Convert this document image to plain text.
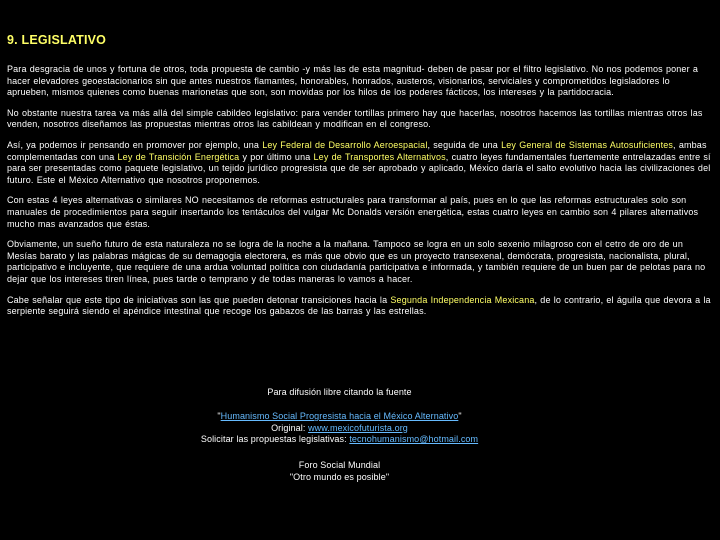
9. LEGISLATIVO

Para desgracia de unos y fortuna de otros, toda propuesta de cambio -y más las de esta magnitud- deben de pasar por el filtro legislativo. No nos podemos poner a hacer elevadores geoestacionarios sin que antes nuestros flamantes, honorables, honrados, austeros, visionarios, serviciales y comprometidos legisladores lo aprueben, mismos quienes como buenas marionetas que son, son movidas por los hilos de los poderes fácticos, los intereses y la partidocracia.

No obstante nuestra tarea va más allá del simple cabildeo legislativo: para vender tortillas primero hay que hacerlas, nosotros hacemos las tortillas mientras otros las venden, nosotros diseñamos las propuestas mientras otros las cabildean y modifican en el congreso.

Así, ya podemos ir pensando en promover por ejemplo, una Ley Federal de Desarrollo Aeroespacial, seguida de una Ley General de Sistemas Autosuficientes, ambas complementadas con una Ley de Transición Energética y por último una Ley de Transportes Alternativos, cuatro leyes fundamentales fuertemente entrelazadas entre sí para ser presentadas como paquete legislativo, un tejido jurídico progresista que de ser aprobado y aplicado, México daría el salto evolutivo hacia las civilizaciones del futuro. Este el México Alternativo que nosotros proponemos.

Con estas 4 leyes alternativas o similares NO necesitamos de reformas estructurales para transformar al país, pues en lo que las reformas estructurales solo son manuales de procedimientos para seguir insertando los tentáculos del vulgar Mc Donalds versión energética, estas cuatro leyes en cambio son 4 pilares alternativos mucho mas avanzados que éstas.

Obviamente, un sueño futuro de esta naturaleza no se logra de la noche a la mañana. Tampoco se logra en un solo sexenio milagroso con el cetro de oro de un Mesías barato y las palabras mágicas de su demagogia electorera, es más que obvio que es un proyecto transexenal, demócrata, progresista, nacionalista, plural, participativo e incluyente, que requiere de una ardua voluntad política con ciudadanía participativa e informada, y también requiere de un buen par de pelotas para no dejar que los intereses tiren línea, pues tarde o temprano y de todas maneras lo vamos a hacer.

Cabe señalar que este tipo de iniciativas son las que pueden detonar transiciones hacia la Segunda Independencia Mexicana, de lo contrario, el águila que devora a la serpiente seguirá siendo el apéndice intestinal que recoge los gabazos de las barras y las estrellas.

Para difusión libre citando la fuente
"Humanismo Social Progresista hacia el México Alternativo"
Original: www.mexicofuturista.org
Solicitar las propuestas legislativas: tecnohumanismo@hotmail.com
Foro Social Mundial
"Otro mundo es posible"
